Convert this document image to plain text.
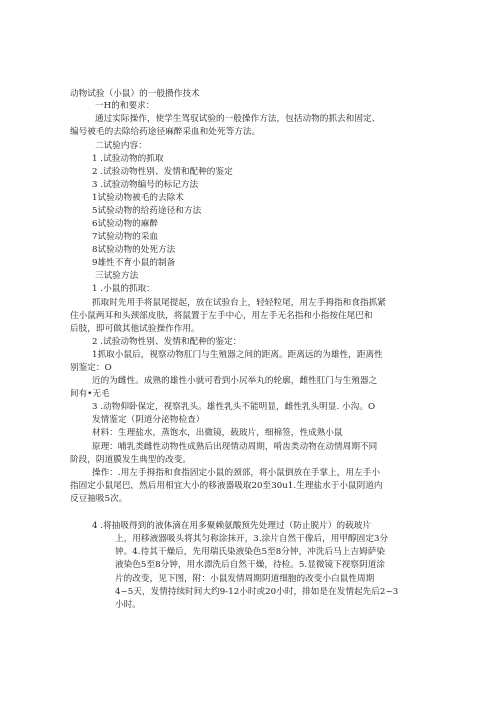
动物试验（小鼠）的一般攒作技术
一H的和要求：
通过实际操作，使学生驾驭试验的一般操作方法，包括动物的抓去和固定、
编号被毛的去除给药途径麻醉采血和处死等方法。
二试验内容：
1 .试验动物的抓取
2 .试验动物性别、发情和配种的鉴定
3 .试验动物编号的标记方法
1试验动物被毛的去除术
5试验动物的给药途径和方法
6试验动物的麻醉
7试验动物的采血
8试验动物的处死方法
9雄性不育小鼠的制备
三试验方法
1 .小鼠的抓取：
抓取时先用手将鼠尾提起，放在试验台上，轻轻粒尾，用左手拇指和食指抓紧
住小鼠两耳和头颈部皮肤，将鼠置于左手中心，用左手无名指和小指按住尾巴和
后肢，即可做其他试验操作作用。
2 .试验动物性别、发情和配种的鉴定：
1抓取小鼠后，视察动物肛门与生殖器之间的距离。距离远的为雄性，距离性
别鉴定：O
近的为雌性。成熟的雄性小就可看到小尻举丸的轮廓，雌性肛门与生殖器之
间有•无毛
3 .动物仰卧保定，视察乳头。雄性乳头不能明显，雌性乳头明显. 小沟。O
发情鉴定（阴道分泌物检查）
材料：生理盐水，蒸饱水，出微镜，载玻片，细棉签，性成熟小鼠
原理：哺乳类雌性动物性成熟后出现情动周期，啃齿类动物在动情周期不同
阶段，阴道膜发生典型的改变。
操作：.用左手拇指和食指固定小鼠的颈部，将小鼠倒放在手掌上，用左手小
指固定小鼠尾巴，然后用相宜大小的移液器吸取20至30u1.生理盐水于小鼠阴道内
反豆抽吸5次。
4 .将抽吸得到的液体滴在用多聚赖氨酸预先处理过（防止脱片）的载玻片
上，用移液器吸头将其匀称涂抹开，3.涂片自然干像后，用甲醇固定3分
钟。4.待其干燥后，先用瑞氏染液染色5至8分钟，冲洗后马上吉姆萨染
液染色5至8分钟，用水漂洗后自然干燥，待检。5.显微镜下视察阴道涂
片的改变，见下图，附：小鼠发情周期阴道细胞的改变小白鼠性周期
4~5天，发情持续时间大约9-12小时或20小时，排如是在发情起先后2~3
小时。
